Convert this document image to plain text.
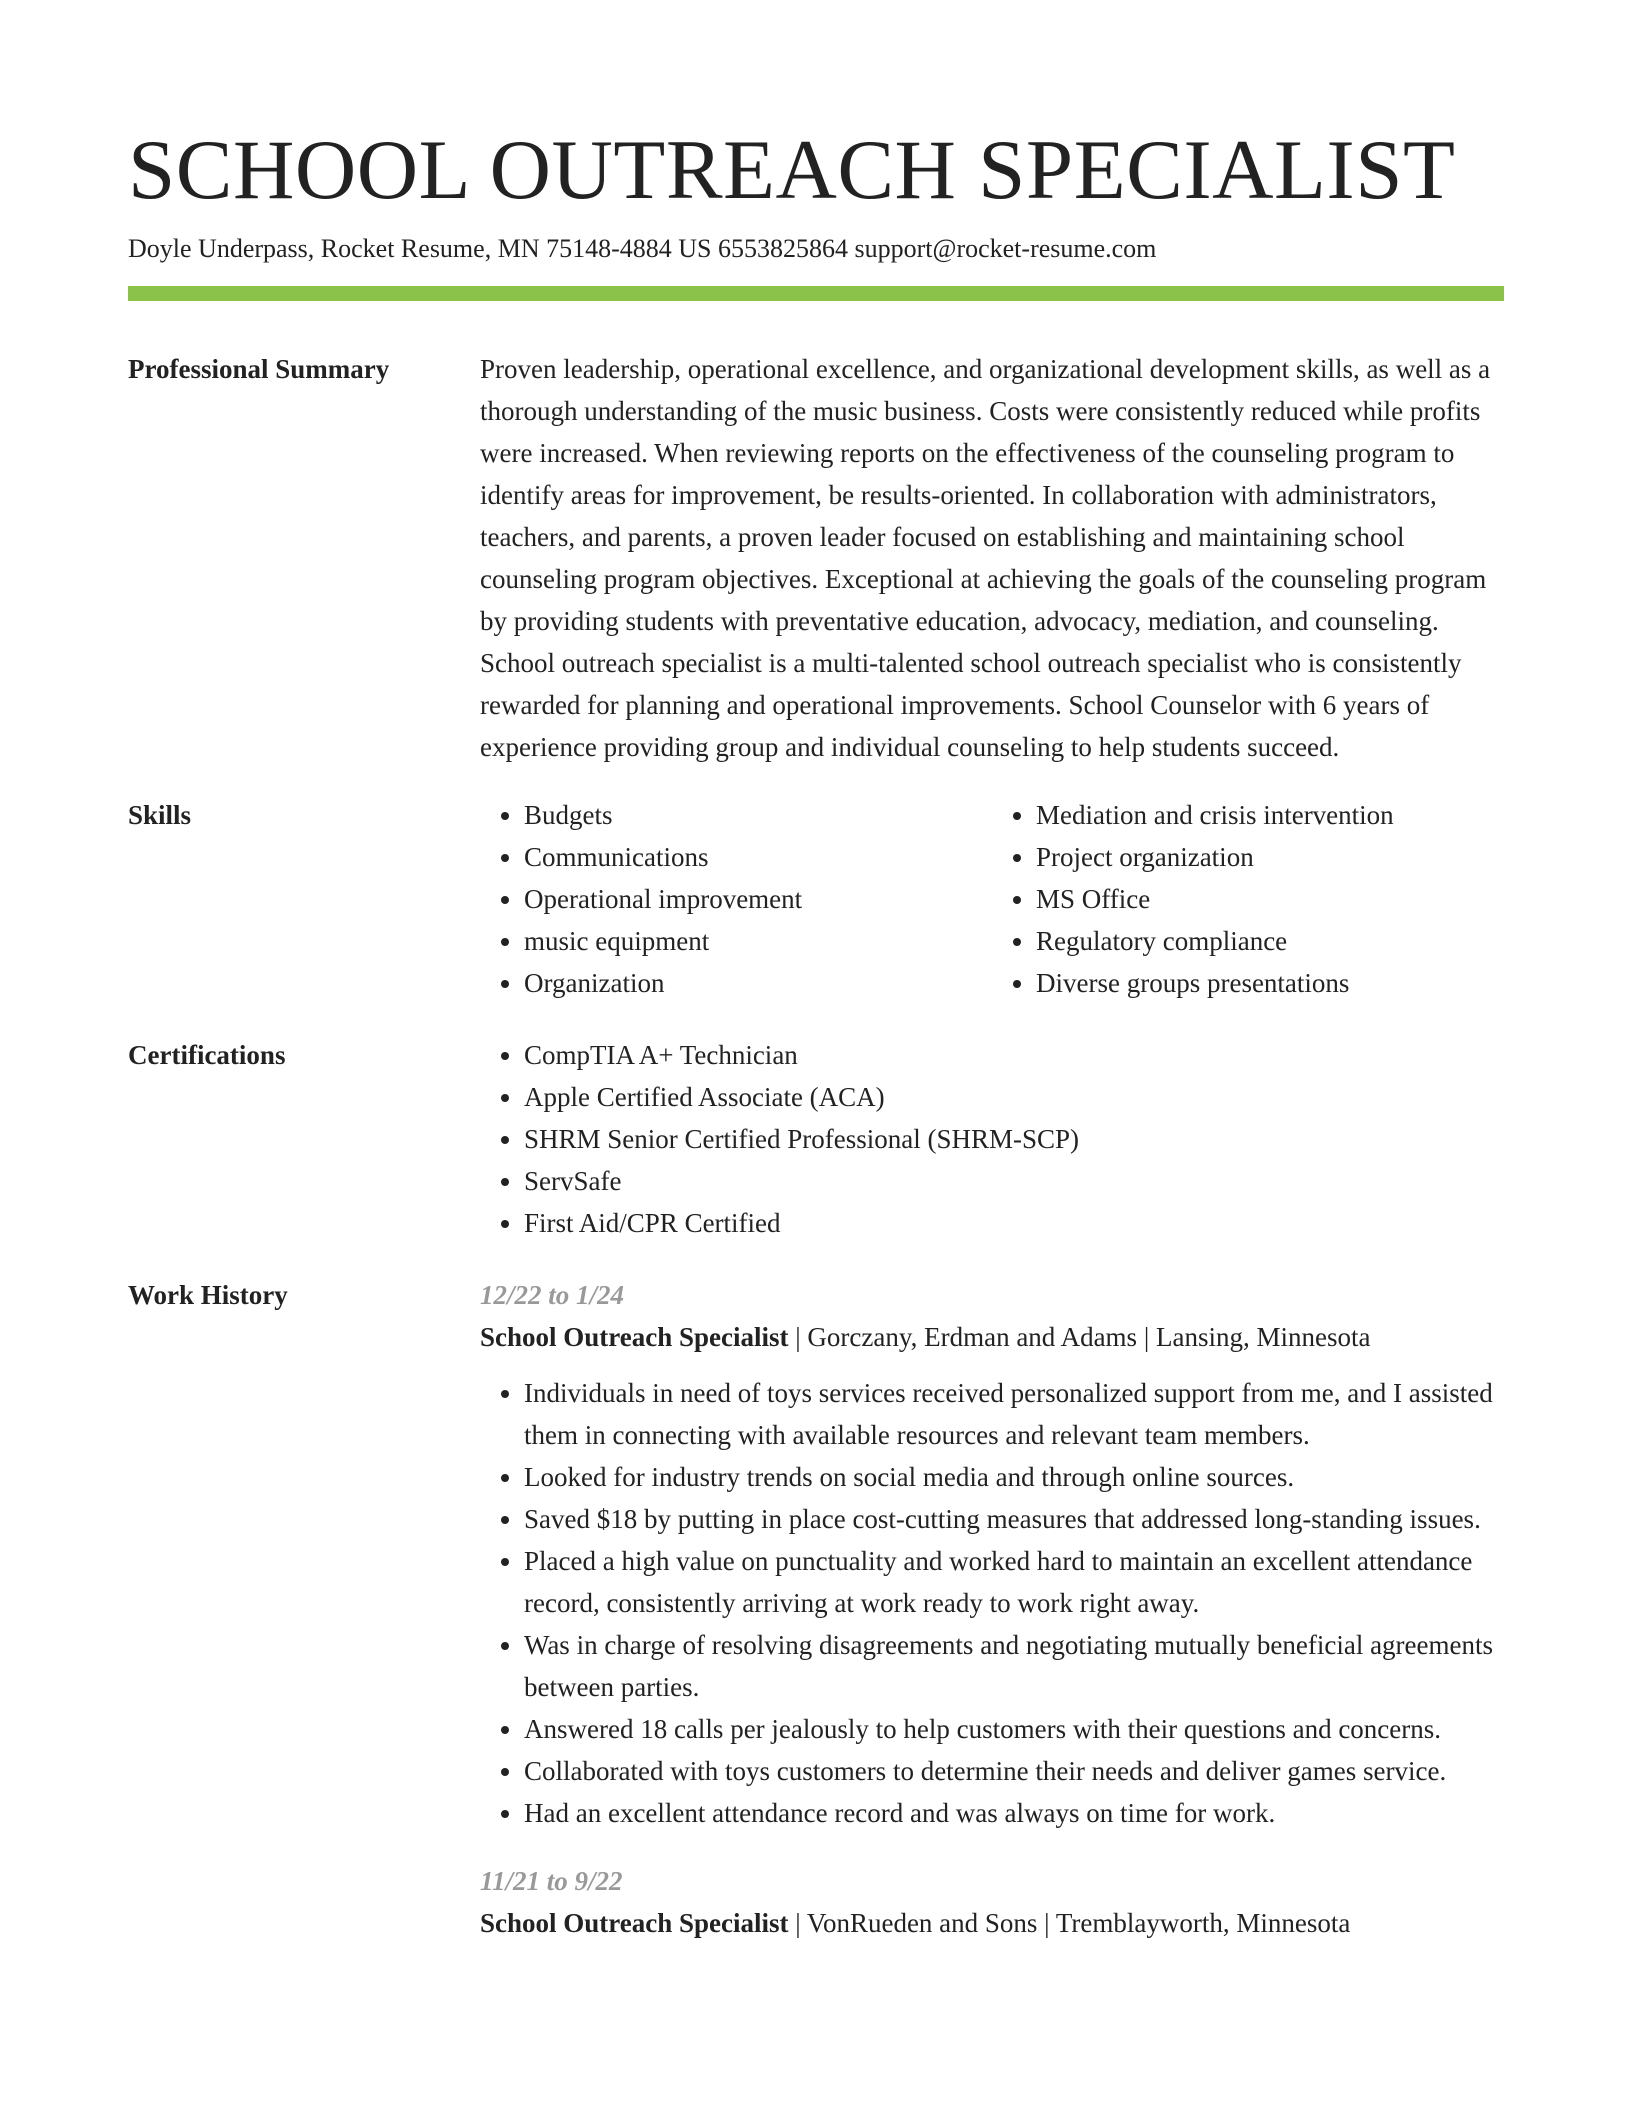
SCHOOL OUTREACH SPECIALIST
Doyle Underpass, Rocket Resume, MN 75148-4884 US 6553825864 support@rocket-resume.com
Professional Summary	Proven leadership, operational excellence, and organizational development skills, as well as a thorough understanding of the music business. Costs were consistently reduced while profits were increased. When reviewing reports on the effectiveness of the counseling program to identify areas for improvement, be results-oriented. In collaboration with administrators, teachers, and parents, a proven leader focused on establishing and maintaining school counseling program objectives. Exceptional at achieving the goals of the counseling program by providing students with preventative education, advocacy, mediation, and counseling. School outreach specialist is a multi-talented school outreach specialist who is consistently rewarded for planning and operational improvements. School Counselor with 6 years of experience providing group and individual counseling to help students succeed.

Skills	• Budgets
• Communications
• Operational improvement
• music equipment
• Organization
• Mediation and crisis intervention
• Project organization
• MS Office
• Regulatory compliance
• Diverse groups presentations
Certifications	• CompTIA A+ Technician
• Apple Certified Associate (ACA)
• SHRM Senior Certified Professional (SHRM-SCP)
• ServSafe
• First Aid/CPR Certified
Work History	12/22 to 1/24
School Outreach Specialist | Gorczany, Erdman and Adams | Lansing, Minnesota
• Individuals in need of toys services received personalized support from me, and I assisted them in connecting with available resources and relevant team members.
• Looked for industry trends on social media and through online sources.
• Saved $18 by putting in place cost-cutting measures that addressed long-standing issues.
• Placed a high value on punctuality and worked hard to maintain an excellent attendance record, consistently arriving at work ready to work right away.
• Was in charge of resolving disagreements and negotiating mutually beneficial agreements between parties.
• Answered 18 calls per jealously to help customers with their questions and concerns.
• Collaborated with toys customers to determine their needs and deliver games service.
• Had an excellent attendance record and was always on time for work.
11/21 to 9/22
School Outreach Specialist | VonRueden and Sons | Tremblayworth, Minnesota
